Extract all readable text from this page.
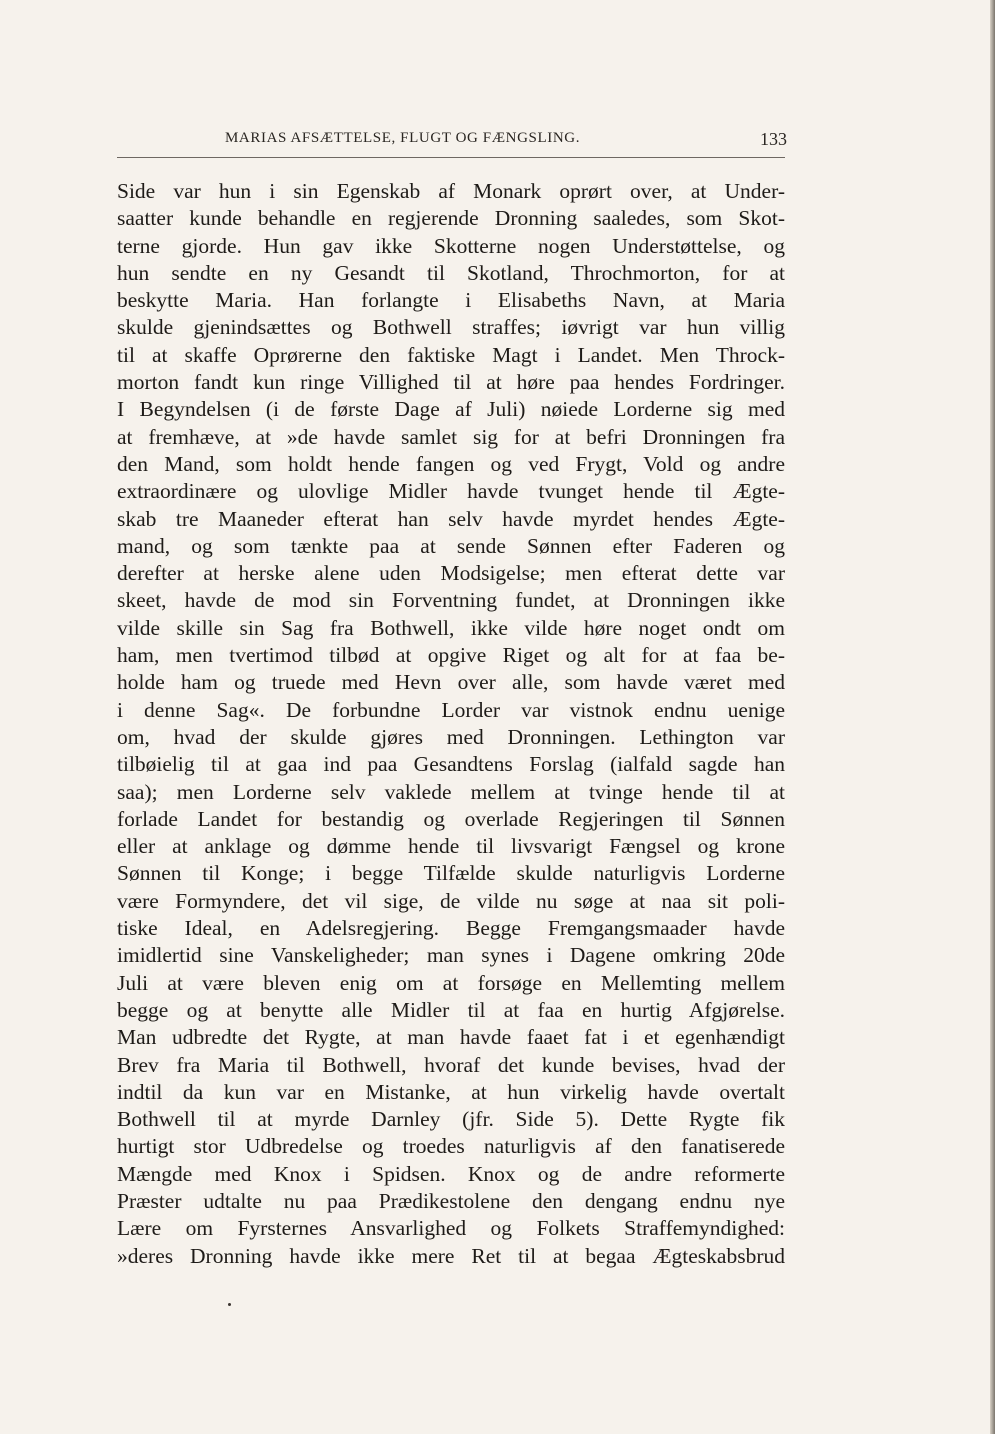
MARIAS AFSÆTTELSE, FLUGT OG FÆNGSLING.	133
Side var hun i sin Egenskab af Monark oprørt over, at Under-
saatter kunde behandle en regjerende Dronning saaledes, som Skot-
terne gjorde. Hun gav ikke Skotterne nogen Understøttelse, og
hun sendte en ny Gesandt til Skotland, Throchmorton, for at
beskytte Maria. Han forlangte i Elisabeths Navn, at Maria
skulde gjenindsættes og Bothwell straffes; iøvrigt var hun villig
til at skaffe Oprørerne den faktiske Magt i Landet. Men Throck-
morton fandt kun ringe Villighed til at høre paa hendes Fordringer.
I Begyndelsen (i de første Dage af Juli) nøiede Lorderne sig med
at fremhæve, at »de havde samlet sig for at befri Dronningen fra
den Mand, som holdt hende fangen og ved Frygt, Vold og andre
extraordinære og ulovlige Midler havde tvunget hende til Ægte-
skab tre Maaneder efterat han selv havde myrdet hendes Ægte-
mand, og som tænkte paa at sende Sønnen efter Faderen og
derefter at herske alene uden Modsigelse; men efterat dette var
skeet, havde de mod sin Forventning fundet, at Dronningen ikke
vilde skille sin Sag fra Bothwell, ikke vilde høre noget ondt om
ham, men tvertimod tilbød at opgive Riget og alt for at faa be-
holde ham og truede med Hevn over alle, som havde været med
i denne Sag«. De forbundne Lorder var vistnok endnu uenige
om, hvad der skulde gjøres med Dronningen. Lethington var
tilbøielig til at gaa ind paa Gesandtens Forslag (ialfald sagde han
saa); men Lorderne selv vaklede mellem at tvinge hende til at
forlade Landet for bestandig og overlade Regjeringen til Sønnen
eller at anklage og dømme hende til livsvarigt Fængsel og krone
Sønnen til Konge; i begge Tilfælde skulde naturligvis Lorderne
være Formyndere, det vil sige, de vilde nu søge at naa sit poli-
tiske Ideal, en Adelsregjering. Begge Fremgangsmaader havde
imidlertid sine Vanskeligheder; man synes i Dagene omkring 20de
Juli at være bleven enig om at forsøge en Mellemting mellem
begge og at benytte alle Midler til at faa en hurtig Afgjørelse.
Man udbredte det Rygte, at man havde faaet fat i et egenhændigt
Brev fra Maria til Bothwell, hvoraf det kunde bevises, hvad der
indtil da kun var en Mistanke, at hun virkelig havde overtalt
Bothwell til at myrde Darnley (jfr. Side 5). Dette Rygte fik
hurtigt stor Udbredelse og troedes naturligvis af den fanatiserede
Mængde med Knox i Spidsen. Knox og de andre reformerte
Præster udtalte nu paa Prædikestolene den dengang endnu nye
Lære om Fyrsternes Ansvarlighed og Folkets Straffemyndighed:
»deres Dronning havde ikke mere Ret til at begaa Ægteskabsbrud
